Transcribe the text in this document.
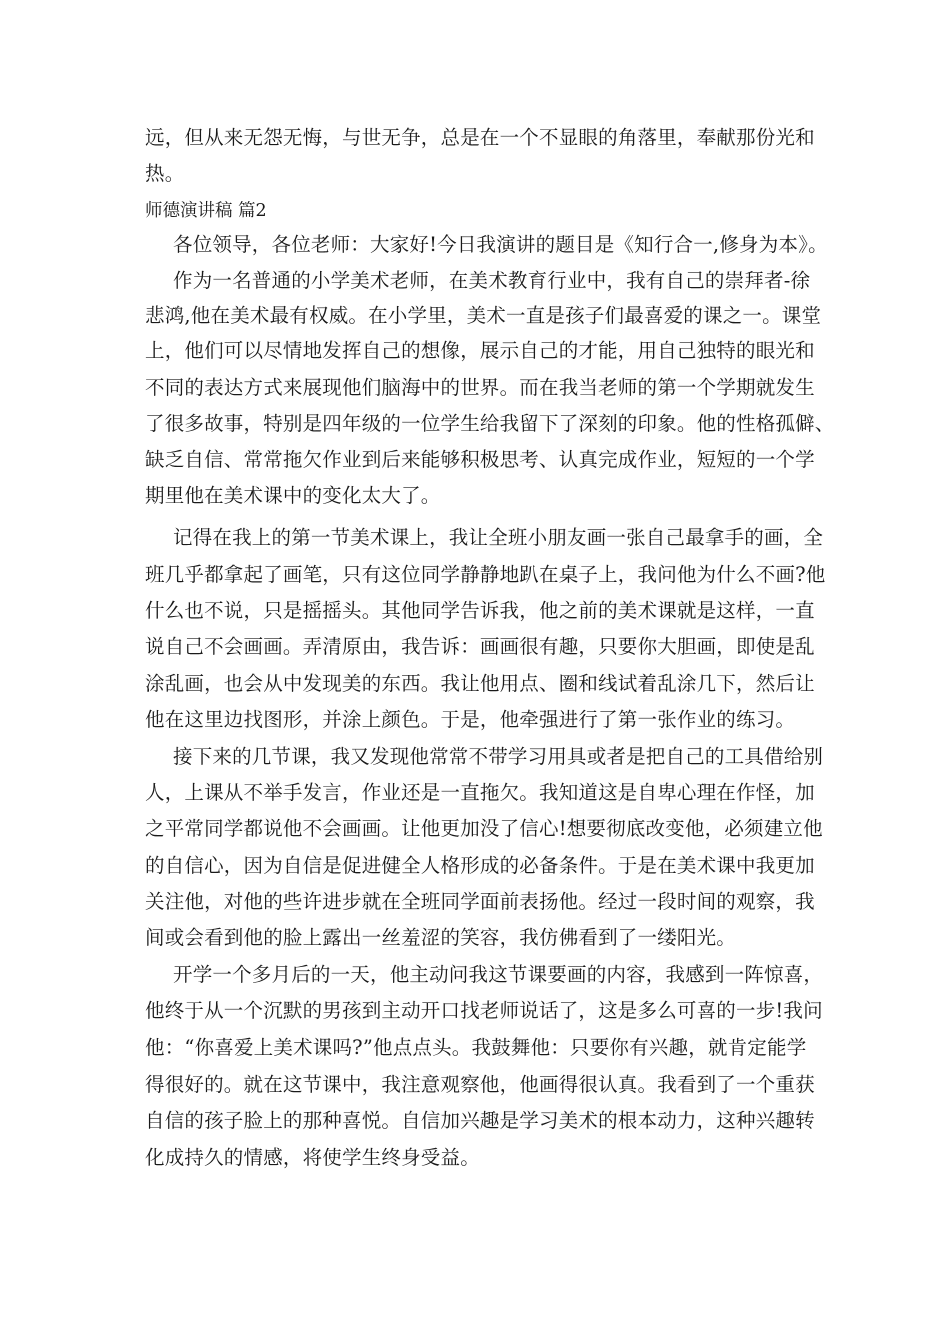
远，但从来无怨无悔，与世无争，总是在一个不显眼的角落里，奉献那份光和
热。
师德演讲稿 篇2
各位领导，各位老师：大家好!今日我演讲的题目是《知行合一,修身为本》。
作为一名普通的小学美术老师，在美术教育行业中，我有自己的崇拜者-徐
悲鸿,他在美术最有权威。在小学里，美术一直是孩子们最喜爱的课之一。课堂
上，他们可以尽情地发挥自己的想像，展示自己的才能，用自己独特的眼光和
不同的表达方式来展现他们脑海中的世界。而在我当老师的第一个学期就发生
了很多故事，特别是四年级的一位学生给我留下了深刻的印象。他的性格孤僻、
缺乏自信、常常拖欠作业到后来能够积极思考、认真完成作业，短短的一个学
期里他在美术课中的变化太大了。
记得在我上的第一节美术课上，我让全班小朋友画一张自己最拿手的画，全
班几乎都拿起了画笔，只有这位同学静静地趴在桌子上，我问他为什么不画?他
什么也不说，只是摇摇头。其他同学告诉我，他之前的美术课就是这样，一直
说自己不会画画。弄清原由，我告诉：画画很有趣，只要你大胆画，即使是乱
涂乱画，也会从中发现美的东西。我让他用点、圈和线试着乱涂几下，然后让
他在这里边找图形，并涂上颜色。于是，他牵强进行了第一张作业的练习。
接下来的几节课，我又发现他常常不带学习用具或者是把自己的工具借给别
人，上课从不举手发言，作业还是一直拖欠。我知道这是自卑心理在作怪，加
之平常同学都说他不会画画。让他更加没了信心!想要彻底改变他，必须建立他
的自信心，因为自信是促进健全人格形成的必备条件。于是在美术课中我更加
关注他，对他的些许进步就在全班同学面前表扬他。经过一段时间的观察，我
间或会看到他的脸上露出一丝羞涩的笑容，我仿佛看到了一缕阳光。
开学一个多月后的一天，他主动问我这节课要画的内容，我感到一阵惊喜，
他终于从一个沉默的男孩到主动开口找老师说话了，这是多么可喜的一步!我问
他：“你喜爱上美术课吗?”他点点头。我鼓舞他：只要你有兴趣，就肯定能学
得很好的。就在这节课中，我注意观察他，他画得很认真。我看到了一个重获
自信的孩子脸上的那种喜悦。自信加兴趣是学习美术的根本动力，这种兴趣转
化成持久的情感，将使学生终身受益。
